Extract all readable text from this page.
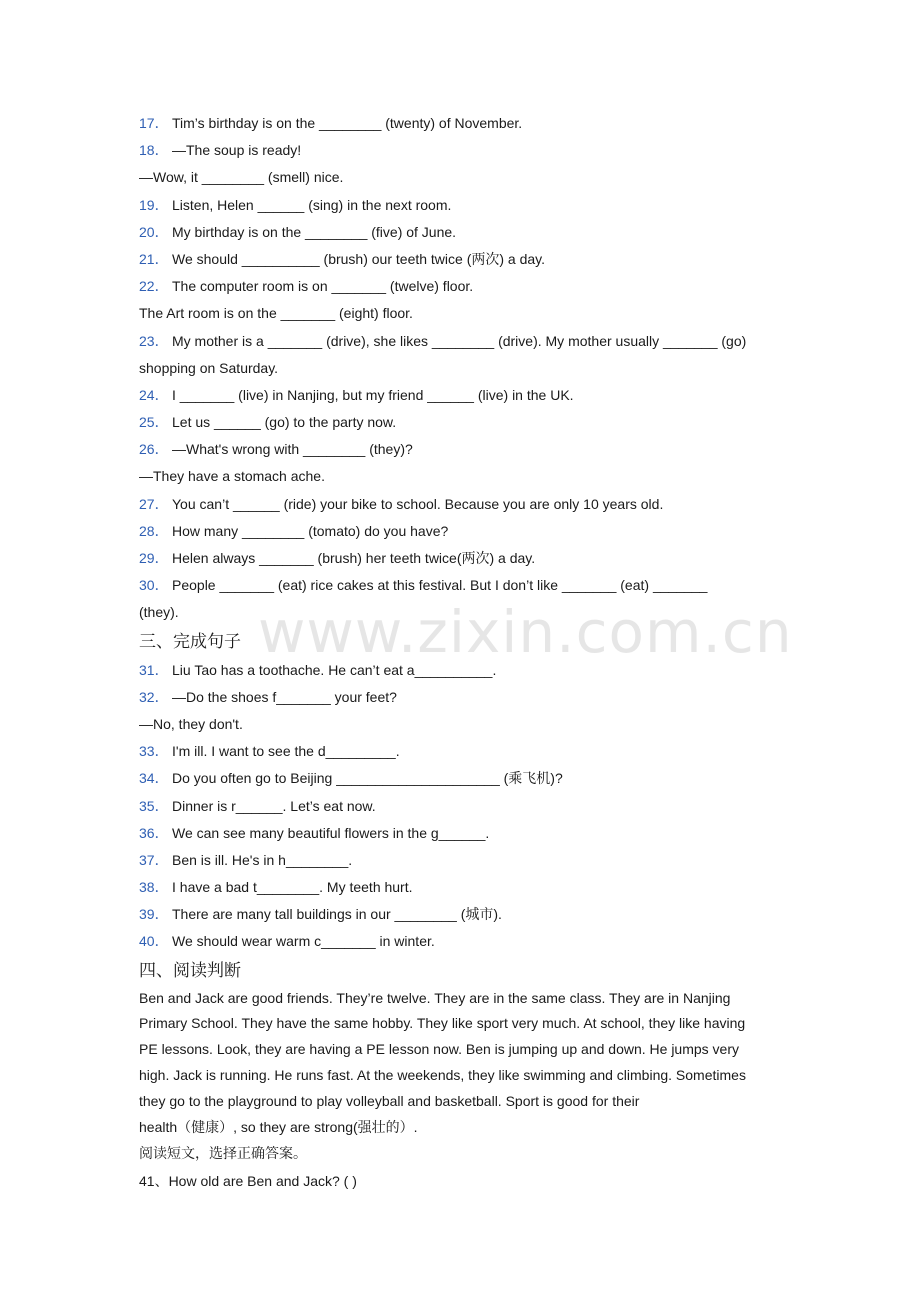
17． Tim’s birthday is on the ________ (twenty) of November.
18． —The soup is ready!
—Wow, it ________ (smell) nice.
19． Listen, Helen ______ (sing) in the next room.
20． My birthday is on the ________ (five) of June.
21． We should __________ (brush) our teeth twice (两次) a day.
22． The computer room is on _______ (twelve) floor.
The Art room is on the _______ (eight) floor.
23． My mother is a _______ (drive), she likes ________ (drive). My mother usually _______ (go)
shopping on Saturday.
24． I _______ (live) in Nanjing, but my friend ______ (live) in the UK.
25． Let us ______ (go) to the party now.
26． —What's wrong with ________ (they)?
—They have a stomach ache.
27． You can’t ______ (ride) your bike to school. Because you are only 10 years old.
28． How many ________ (tomato) do you have?
29． Helen always _______ (brush) her teeth twice(两次) a day.
30． People _______ (eat) rice cakes at this festival. But I don’t like _______ (eat) _______
(they).
三、完成句子
31． Liu Tao has a toothache. He can’t eat a__________.
32． —Do the shoes f_______ your feet?
—No, they don't.
33． I'm ill. I want to see the d_________.
34． Do you often go to Beijing _____________________ (乘飞机)?
35． Dinner is r______. Let’s eat now.
36． We can see many beautiful flowers in the g______.
37． Ben is ill. He's in h________.
38． I have a bad t________. My teeth hurt.
39． There are many tall buildings in our ________ (城市).
40． We should wear warm c_______ in winter.
四、阅读判断
Ben and Jack are good friends. They’re twelve. They are in the same class. They are in Nanjing
Primary School. They have the same hobby. They like sport very much. At school, they like having
PE lessons. Look, they are having a PE lesson now. Ben is jumping up and down. He jumps very
high. Jack is running. He runs fast. At the weekends, they like swimming and climbing. Sometimes
they go to the playground to play volleyball and basketball. Sport is good for their
health（健康）, so they are strong(强壮的）.
阅读短文，选择正确答案。
41、How old are Ben and Jack? ( )
www.zixin.com.cn
